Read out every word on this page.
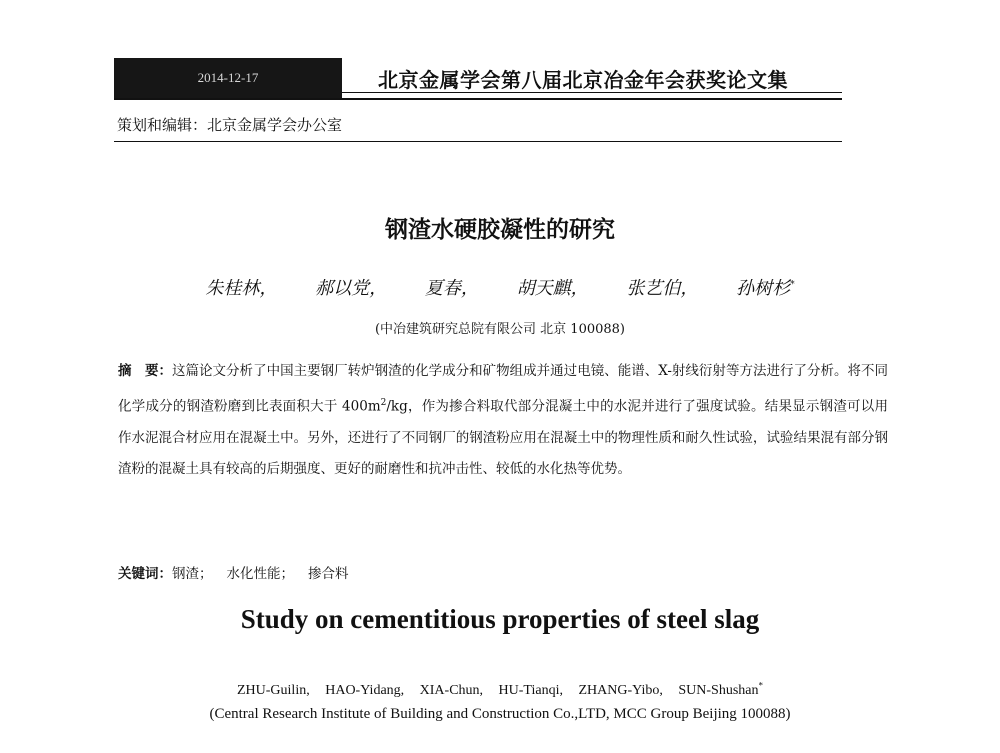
2014-12-17	北京金属学会第八届北京冶金年会获奖论文集
策划和编辑：北京金属学会办公室
钢渣水硬胶凝性的研究
朱桂林， 郝以党， 夏春， 胡天麒， 张艺伯， 孙树杉*
(中冶建筑研究总院有限公司 北京 100088)
摘　要：这篇论文分析了中国主要钢厂转炉钢渣的化学成分和矿物组成并通过电镜、能谱、X-射线衍射等方法进行了分析。将不同化学成分的钢渣粉磨到比表面积大于 $400m^2/kg$，作为掺合料取代部分混凝土中的水泥并进行了强度试验。结果显示钢渣可以用作水泥混合材应用在混凝土中。另外，还进行了不同钢厂的钢渣粉应用在混凝土中的物理性质和耐久性试验，试验结果混有部分钢渣粉的混凝土具有较高的后期强度、更好的耐磨性和抗冲击性、较低的水化热等优势。
关键词：钢渣； 水化性能； 掺合料
Study on cementitious properties of steel slag
ZHU-Guilin, HAO-Yidang, XIA-Chun, HU-Tianqi, ZHANG-Yibo, SUN-Shushan*
(Central Research Institute of Building and Construction Co.,LTD, MCC Group Beijing 100088)
